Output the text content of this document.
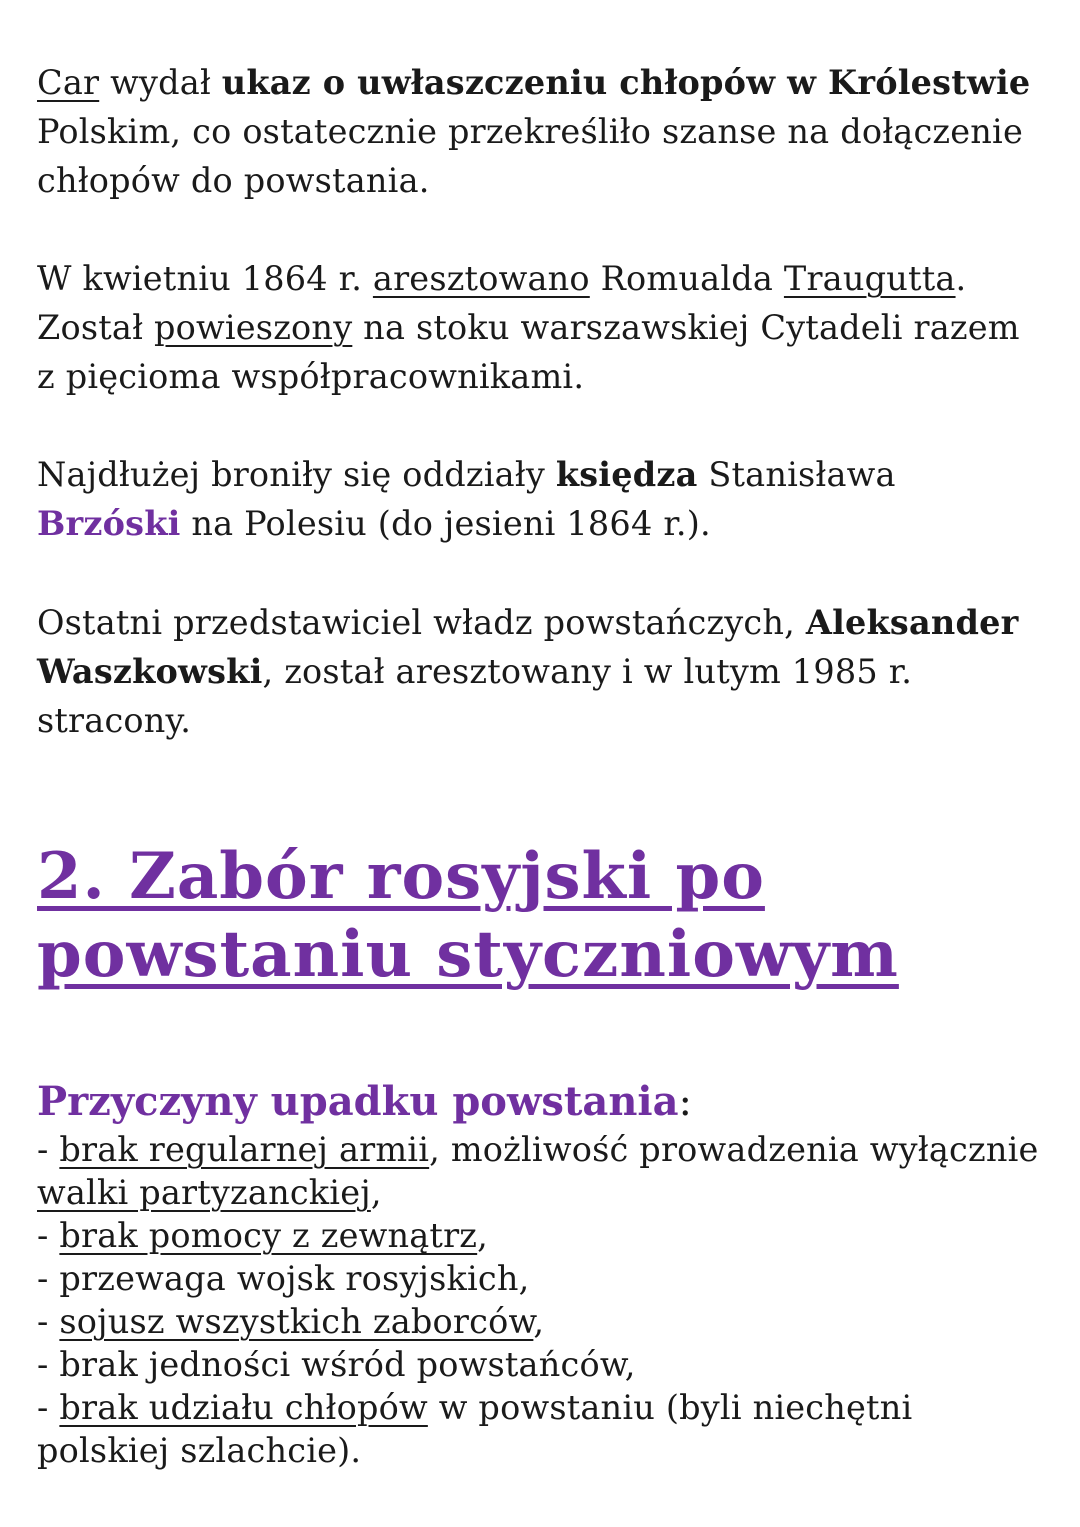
Car wydał ukaz o uwłaszczeniu chłopów w Królestwie Polskim, co ostatecznie przekreśliło szanse na dołączenie chłopów do powstania.

W kwietniu 1864 r. aresztowano Romualda Traugutta. Został powieszony na stoku warszawskiej Cytadeli razem z pięcioma współpracownikami.

Najdłużej broniły się oddziały księdza Stanisława Brzóski na Polesiu (do jesieni 1864 r.).

Ostatni przedstawiciel władz powstańczych, Aleksander Waszkowski, został aresztowany i w lutym 1985 r. stracony.

2. Zabór rosyjski po powstaniu styczniowym

Przyczyny upadku powstania:

- brak regularnej armii, możliwość prowadzenia wyłącznie walki partyzanckiej,
- brak pomocy z zewnątrz,
- przewaga wojsk rosyjskich,
- sojusz wszystkich zaborców,
- brak jedności wśród powstańców,
- brak udziału chłopów w powstaniu (byli niechętni polskiej szlachcie).
